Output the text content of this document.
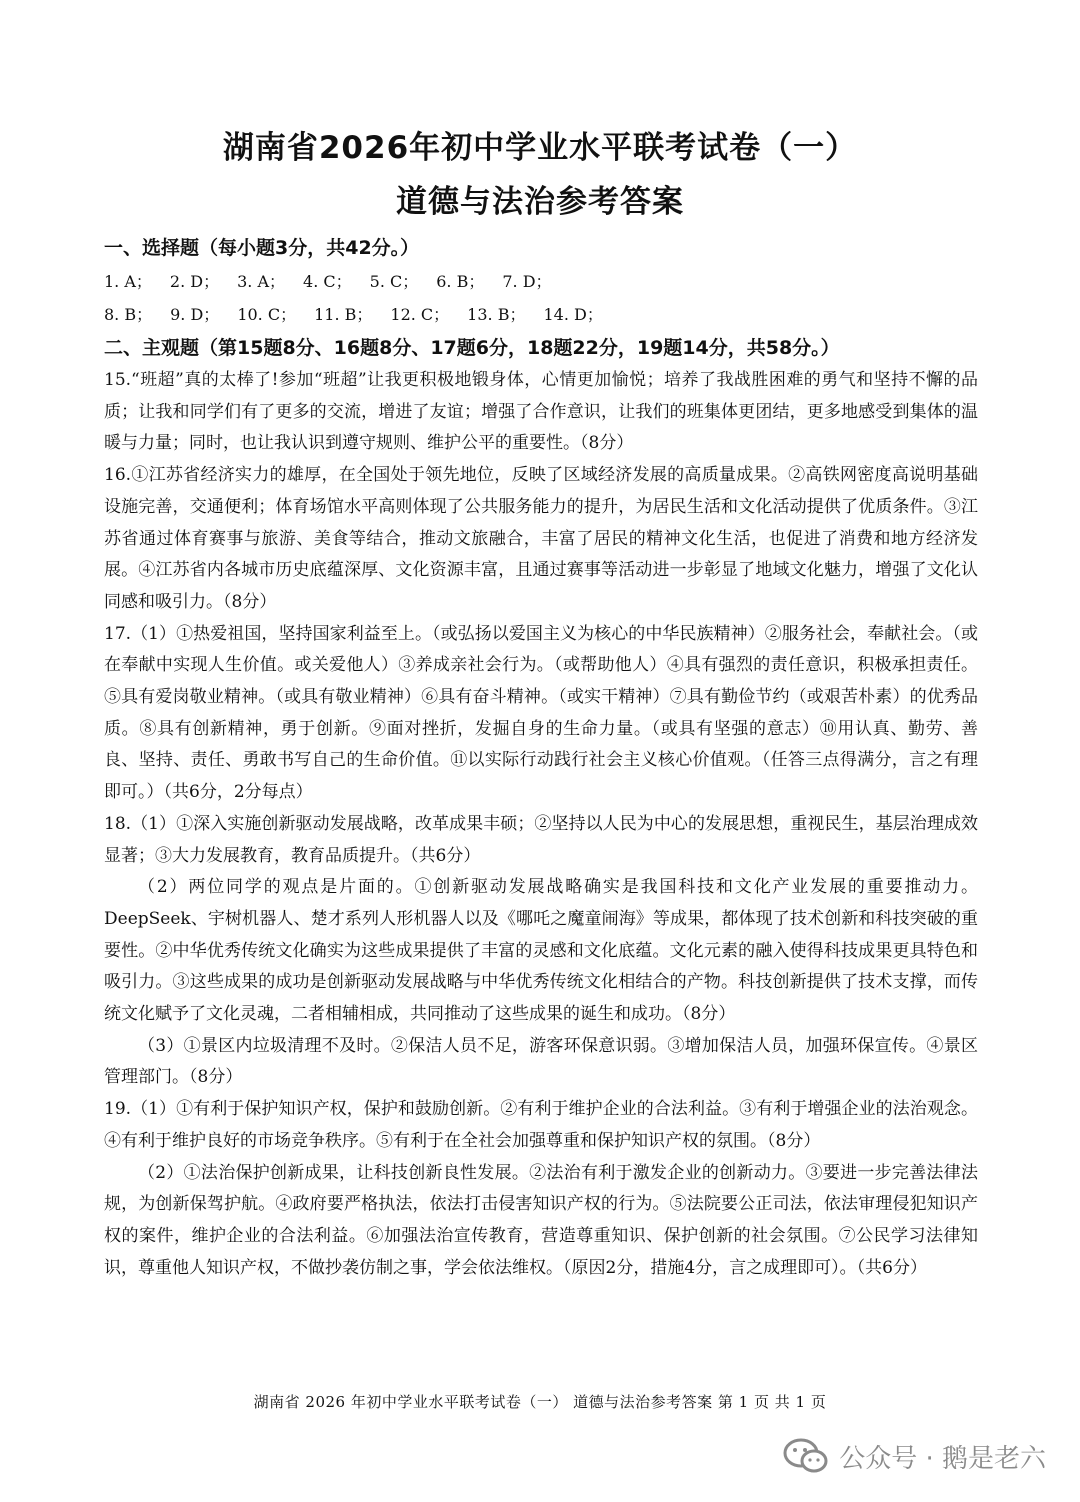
湖南省2026年初中学业水平联考试卷（一）
道德与法治参考答案

一、选择题（每小题3分，共42分。）

1. A； 2. D； 3. A； 4. C； 5. C； 6. B； 7. D；

8. B； 9. D； 10. C； 11. B； 12. C； 13. B； 14. D；

二、主观题（第15题8分、16题8分、17题6分，18题22分，19题14分，共58分。）

15.“班超”真的太棒了!参加“班超”让我更积极地锻身体，心情更加愉悦；培养了我战胜困难的勇气和坚持不懈的品质；让我和同学们有了更多的交流，增进了友谊；增强了合作意识，让我们的班集体更团结，更多地感受到集体的温暖与力量；同时，也让我认识到遵守规则、维护公平的重要性。（8分）

16.①江苏省经济实力的雄厚，在全国处于领先地位，反映了区域经济发展的高质量成果。②高铁网密度高说明基础设施完善，交通便利；体育场馆水平高则体现了公共服务能力的提升，为居民生活和文化活动提供了优质条件。③江苏省通过体育赛事与旅游、美食等结合，推动文旅融合，丰富了居民的精神文化生活，也促进了消费和地方经济发展。④江苏省内各城市历史底蕴深厚、文化资源丰富，且通过赛事等活动进一步彰显了地域文化魅力，增强了文化认同感和吸引力。（8分）

17.（1）①热爱祖国，坚持国家利益至上。（或弘扬以爱国主义为核心的中华民族精神）②服务社会，奉献社会。（或在奉献中实现人生价值。或关爱他人）③养成亲社会行为。（或帮助他人）④具有强烈的责任意识，积极承担责任。⑤具有爱岗敬业精神。（或具有敬业精神）⑥具有奋斗精神。（或实干精神）⑦具有勤俭节约（或艰苦朴素）的优秀品质。⑧具有创新精神，勇于创新。⑨面对挫折，发掘自身的生命力量。（或具有坚强的意志）⑩用认真、勤劳、善良、坚持、责任、勇敢书写自己的生命价值。⑪以实际行动践行社会主义核心价值观。（任答三点得满分，言之有理即可。）（共6分，2分每点）

18.（1）①深入实施创新驱动发展战略，改革成果丰硕；②坚持以人民为中心的发展思想，重视民生，基层治理成效显著；③大力发展教育，教育品质提升。（共6分）

（2）两位同学的观点是片面的。①创新驱动发展战略确实是我国科技和文化产业发展的重要推动力。DeepSeek、宇树机器人、楚才系列人形机器人以及《哪吒之魔童闹海》等成果，都体现了技术创新和科技突破的重要性。②中华优秀传统文化确实为这些成果提供了丰富的灵感和文化底蕴。文化元素的融入使得科技成果更具特色和吸引力。③这些成果的成功是创新驱动发展战略与中华优秀传统文化相结合的产物。科技创新提供了技术支撑，而传统文化赋予了文化灵魂，二者相辅相成，共同推动了这些成果的诞生和成功。（8分）

（3）①景区内垃圾清理不及时。②保洁人员不足，游客环保意识弱。③增加保洁人员，加强环保宣传。④景区管理部门。（8分）

19.（1）①有利于保护知识产权，保护和鼓励创新。②有利于维护企业的合法利益。③有利于增强企业的法治观念。④有利于维护良好的市场竞争秩序。⑤有利于在全社会加强尊重和保护知识产权的氛围。（8分）

（2）①法治保护创新成果，让科技创新良性发展。②法治有利于激发企业的创新动力。③要进一步完善法律法规，为创新保驾护航。④政府要严格执法，依法打击侵害知识产权的行为。⑤法院要公正司法，依法审理侵犯知识产权的案件，维护企业的合法利益。⑥加强法治宣传教育，营造尊重知识、保护创新的社会氛围。⑦公民学习法律知识，尊重他人知识产权，不做抄袭仿制之事，学会依法维权。（原因2分，措施4分，言之成理即可）。（共6分）

湖南省 2026 年初中学业水平联考试卷（一） 道德与法治参考答案 第 1 页 共 1 页

公众号 · 鹅是老六
